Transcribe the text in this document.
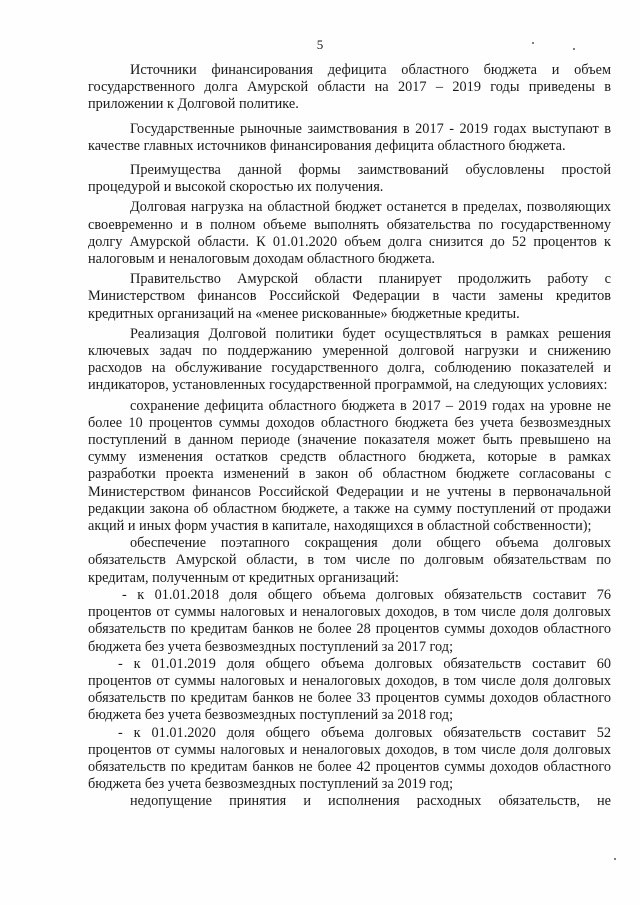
5

Источники финансирования дефицита областного бюджета и объем государственного долга Амурской области на 2017 – 2019 годы приведены в приложении к Долговой политике.

Государственные рыночные заимствования в 2017 - 2019 годах выступают в качестве главных источников финансирования дефицита областного бюджета.

Преимущества данной формы заимствований обусловлены простой процедурой и высокой скоростью их получения.

Долговая нагрузка на областной бюджет останется в пределах, позволяющих своевременно и в полном объеме выполнять обязательства по государственному долгу Амурской области. К 01.01.2020 объем долга снизится до 52 процентов к налоговым и неналоговым доходам областного бюджета.

Правительство Амурской области планирует продолжить работу с Министерством финансов Российской Федерации в части замены кредитов кредитных организаций на «менее рискованные» бюджетные кредиты.

Реализация Долговой политики будет осуществляться в рамках решения ключевых задач по поддержанию умеренной долговой нагрузки и снижению расходов на обслуживание государственного долга, соблюдению показателей и индикаторов, установленных государственной программой, на следующих условиях:

сохранение дефицита областного бюджета в 2017 – 2019 годах на уровне не более 10 процентов суммы доходов областного бюджета без учета безвозмездных поступлений в данном периоде (значение показателя может быть превышено на сумму изменения остатков средств областного бюджета, которые в рамках разработки проекта изменений в закон об областном бюджете согласованы с Министерством финансов Российской Федерации и не учтены в первоначальной редакции закона об областном бюджете, а также на сумму поступлений от продажи акций и иных форм участия в капитале, находящихся в областной собственности);

обеспечение поэтапного сокращения доли общего объема долговых обязательств Амурской области, в том числе по долговым обязательствам по кредитам, полученным от кредитных организаций:

- к 01.01.2018 доля общего объема долговых обязательств составит 76 процентов от суммы налоговых и неналоговых доходов, в том числе доля долговых обязательств по кредитам банков не более 28 процентов суммы доходов областного бюджета без учета безвозмездных поступлений за 2017 год;

- к 01.01.2019 доля общего объема долговых обязательств составит 60 процентов от суммы налоговых и неналоговых доходов, в том числе доля долговых обязательств по кредитам банков не более 33 процентов суммы доходов областного бюджета без учета безвозмездных поступлений за 2018 год;

- к 01.01.2020 доля общего объема долговых обязательств составит 52 процентов от суммы налоговых и неналоговых доходов, в том числе доля долговых обязательств по кредитам банков не более 42 процентов суммы доходов областного бюджета без учета безвозмездных поступлений за 2019 год;

недопущение принятия и исполнения расходных обязательств, не
